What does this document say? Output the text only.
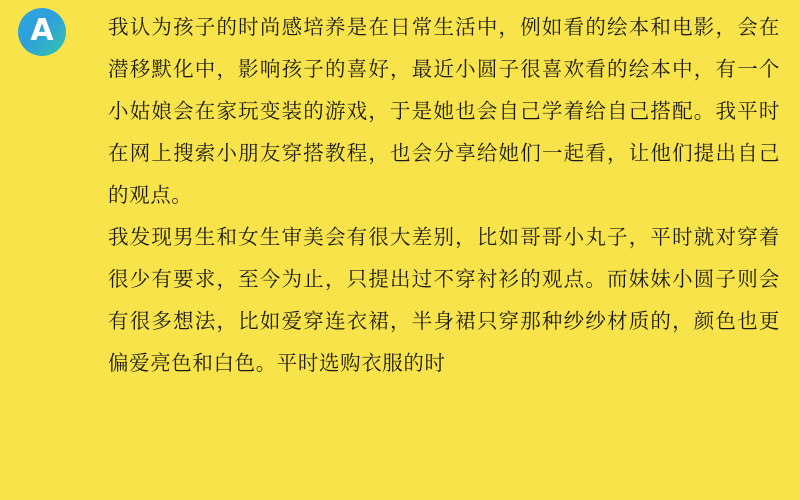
A	我认为孩子的时尚感培养是在日常生活中，例如看的绘本和电影，会在潜移默化中，影响孩子的喜好，最近小圆子很喜欢看的绘本中，有一个小姑娘会在家玩变装的游戏，于是她也会自己学着给自己搭配。我平时在网上搜索小朋友穿搭教程，也会分享给她们一起看，让他们提出自己的观点。

我发现男生和女生审美会有很大差别，比如哥哥小丸子，平时就对穿着很少有要求，至今为止，只提出过不穿衬衫的观点。而妹妹小圆子则会有很多想法，比如爱穿连衣裙，半身裙只穿那种纱纱材质的，颜色也更偏爱亮色和白色。平时选购衣服的时
